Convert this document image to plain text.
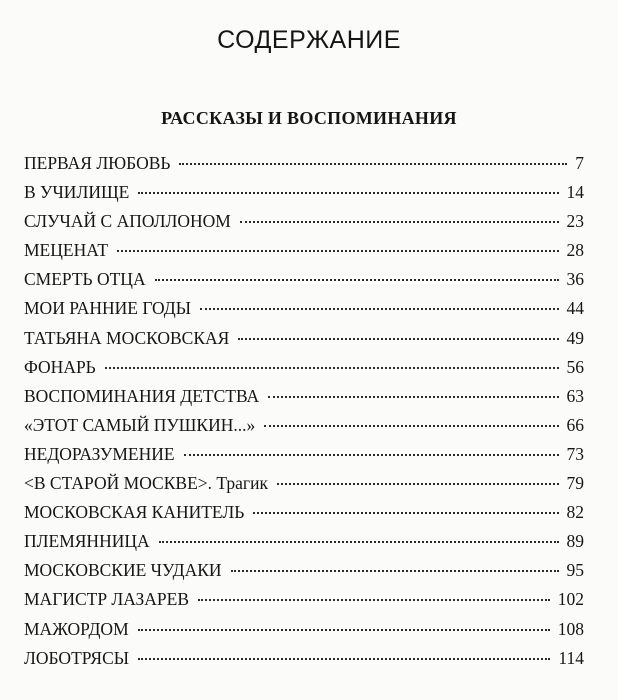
СОДЕРЖАНИЕ
РАССКАЗЫ И ВОСПОМИНАНИЯ
ПЕРВАЯ ЛЮБОВЬ	7
В УЧИЛИЩЕ	14
СЛУЧАЙ С АПОЛЛОНОМ	23
МЕЦЕНАТ	28
СМЕРТЬ ОТЦА	36
МОИ РАННИЕ ГОДЫ	44
ТАТЬЯНА МОСКОВСКАЯ	49
ФОНАРЬ	56
ВОСПОМИНАНИЯ ДЕТСТВА	63
«ЭТОТ САМЫЙ ПУШКИН...»	66
НЕДОРАЗУМЕНИЕ	73
<В СТАРОЙ МОСКВЕ>. Трагик	79
МОСКОВСКАЯ КАНИТЕЛЬ	82
ПЛЕМЯННИЦА	89
МОСКОВСКИЕ ЧУДАКИ	95
МАГИСТР ЛАЗАРЕВ	102
МАЖОРДОМ	108
ЛОБОТРЯСЫ	114
